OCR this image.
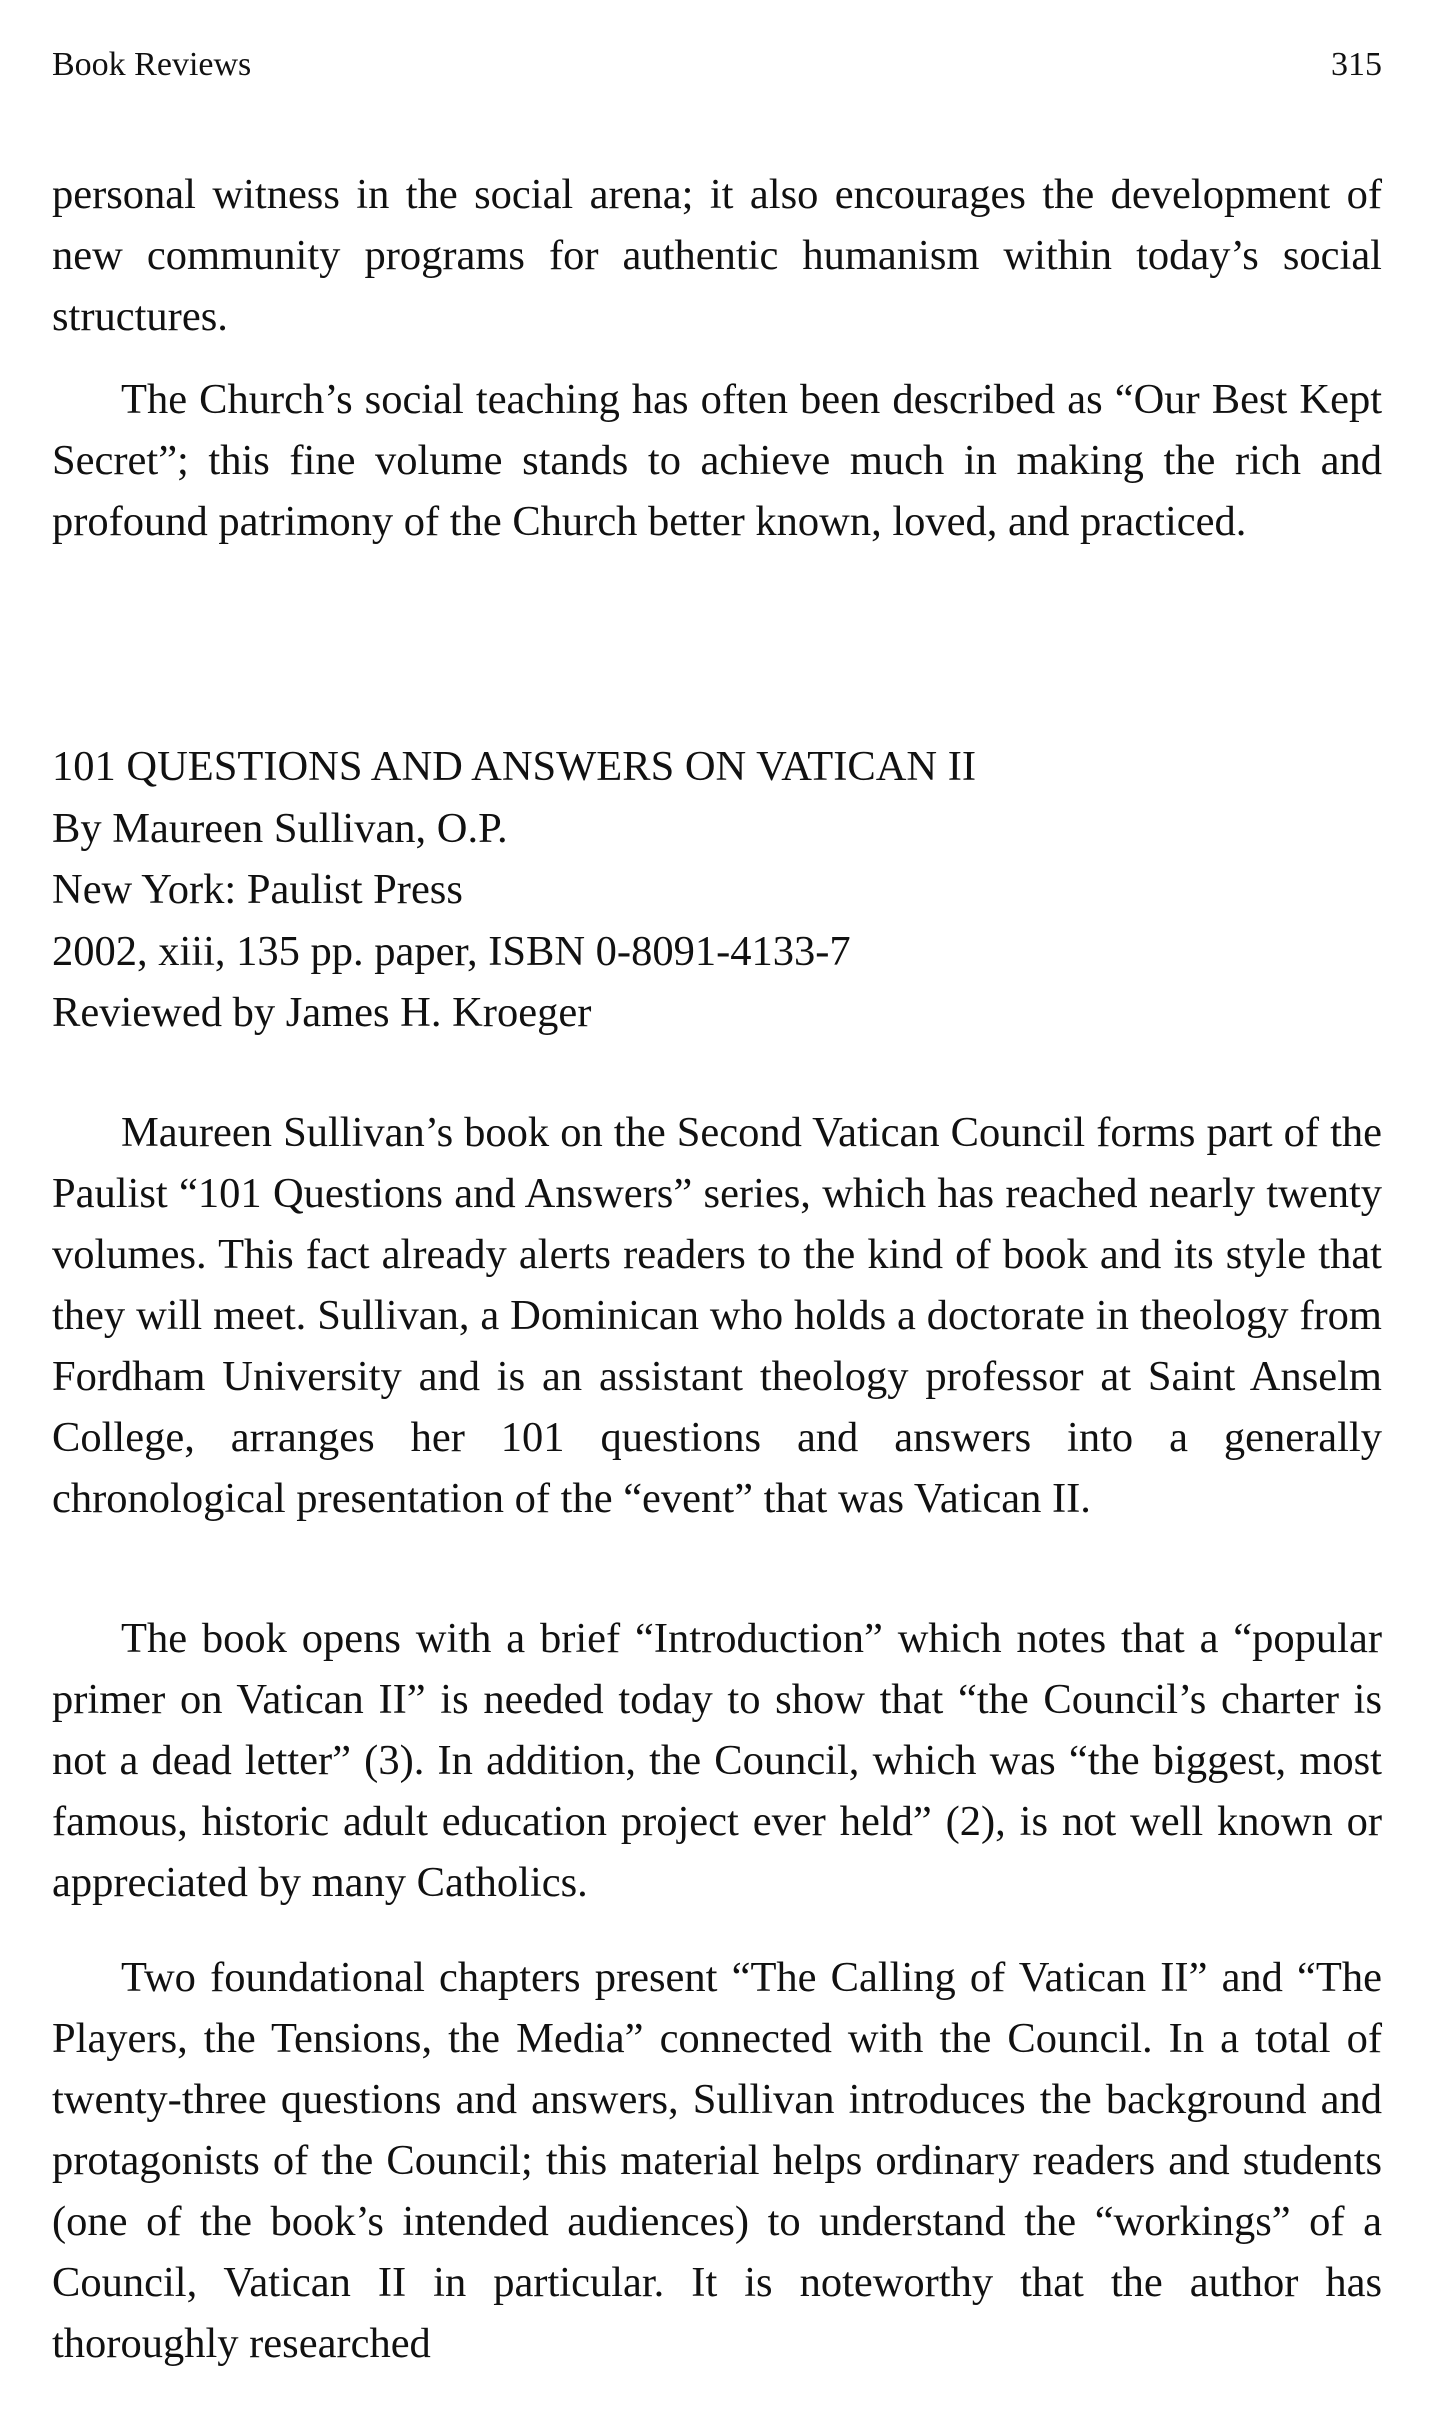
Book Reviews	315

personal witness in the social arena; it also encourages the development of new community programs for authentic humanism within today’s social structures.

The Church’s social teaching has often been described as “Our Best Kept Secret”; this fine volume stands to achieve much in making the rich and profound patrimony of the Church better known, loved, and practiced.

101 QUESTIONS AND ANSWERS ON VATICAN II
By Maureen Sullivan, O.P.
New York: Paulist Press
2002, xiii, 135 pp. paper, ISBN 0-8091-4133-7
Reviewed by James H. Kroeger

Maureen Sullivan’s book on the Second Vatican Council forms part of the Paulist “101 Questions and Answers” series, which has reached nearly twenty volumes. This fact already alerts readers to the kind of book and its style that they will meet. Sullivan, a Dominican who holds a doctorate in theology from Fordham University and is an assistant theology professor at Saint Anselm College, arranges her 101 questions and answers into a generally chronological presentation of the “event” that was Vatican II.

The book opens with a brief “Introduction” which notes that a “popular primer on Vatican II” is needed today to show that “the Council’s charter is not a dead letter” (3). In addition, the Council, which was “the biggest, most famous, historic adult education project ever held” (2), is not well known or appreciated by many Catholics.

Two foundational chapters present “The Calling of Vatican II” and “The Players, the Tensions, the Media” connected with the Council. In a total of twenty-three questions and answers, Sullivan introduces the background and protagonists of the Council; this material helps ordinary readers and students (one of the book’s intended audiences) to understand the “workings” of a Council, Vatican II in particular. It is noteworthy that the author has thoroughly researched
